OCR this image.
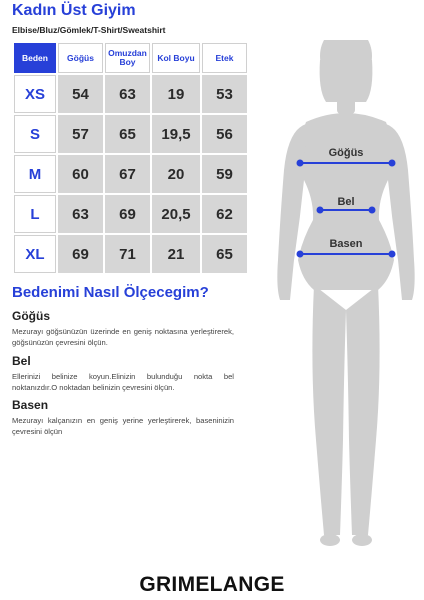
Kadın Üst Giyim

Elbise/Bluz/Gömlek/T-Shirt/Sweatshirt

Beden	Göğüs	Omuzdan Boy	Kol Boyu	Etek
XS	54	63	19	53
S	57	65	19,5	56
M	60	67	20	59
L	63	69	20,5	62
XL	69	71	21	65
Bedenimi Nasıl Ölçecegim?
Göğüs

Mezurayı göğsünüzün üzerinde en geniş noktasına yerleştirerek, göğsünüzün çevresini ölçün.

Bel

Ellerinizi belinize koyun.Elinizin bulunduğu nokta bel noktanızdır.O noktadan belinizin çevresini ölçün.

Basen

Mezurayı kalçanızın en geniş yerine yerleştirerek, baseninizin çevresini ölçün

Göğüs
Bel
Basen

GRIMELANGE
